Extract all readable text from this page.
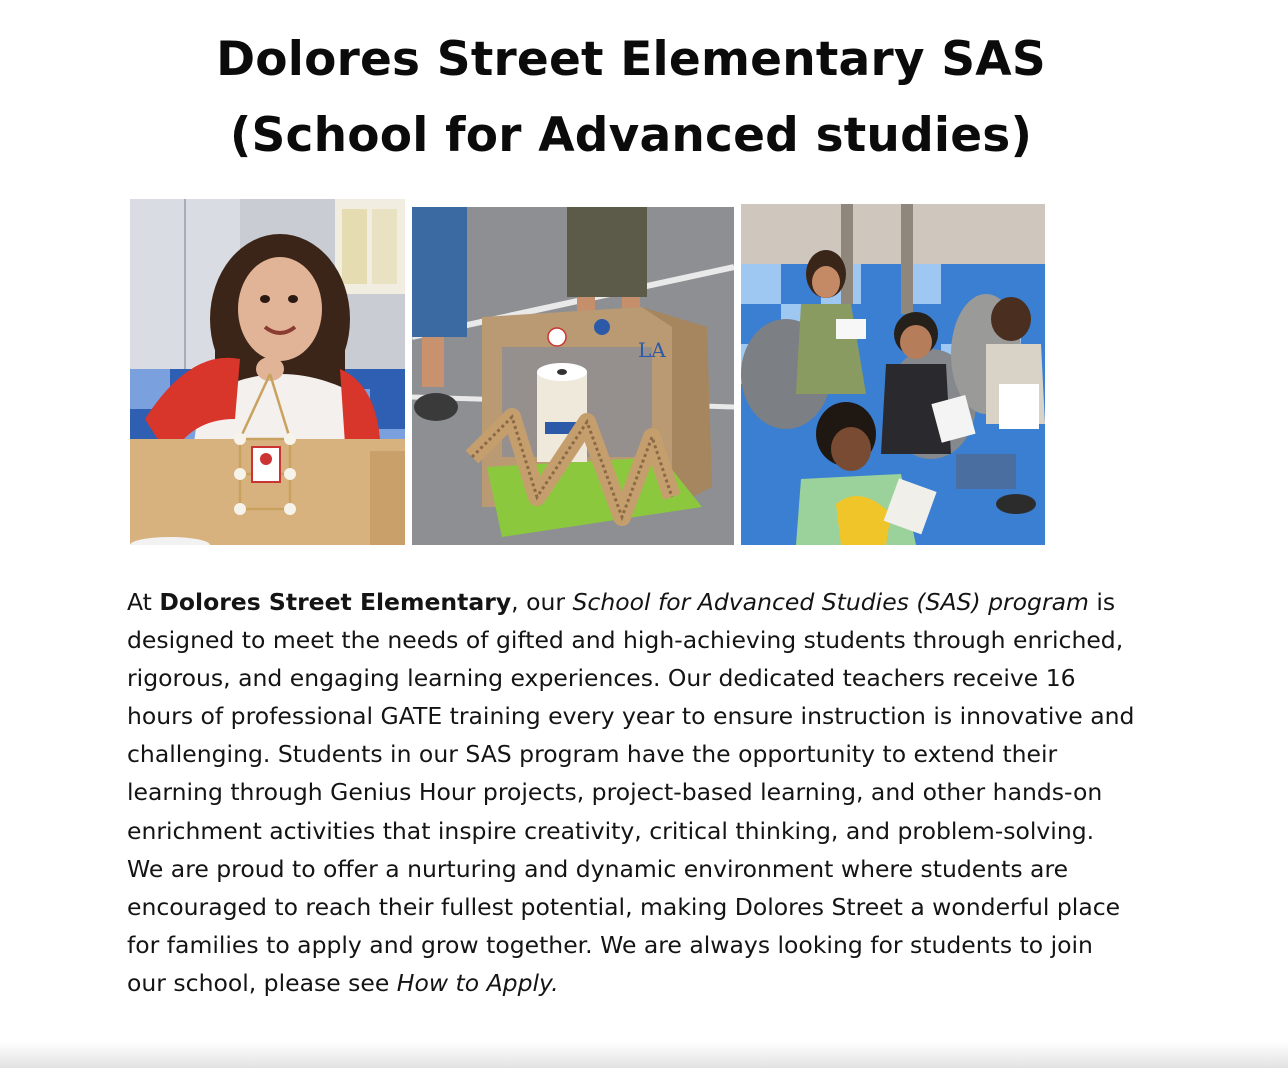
Dolores Street Elementary SAS
(School for Advanced studies)
LA

At Dolores Street Elementary, our School for Advanced Studies (SAS) program is designed to meet the needs of gifted and high-achieving students through enriched, rigorous, and engaging learning experiences. Our dedicated teachers receive 16 hours of professional GATE training every year to ensure instruction is innovative and challenging. Students in our SAS program have the opportunity to extend their learning through Genius Hour projects, project-based learning, and other hands-on enrichment activities that inspire creativity, critical thinking, and problem-solving. We are proud to offer a nurturing and dynamic environment where students are encouraged to reach their fullest potential, making Dolores Street a wonderful place for families to apply and grow together. We are always looking for students to join our school, please see How to Apply.
